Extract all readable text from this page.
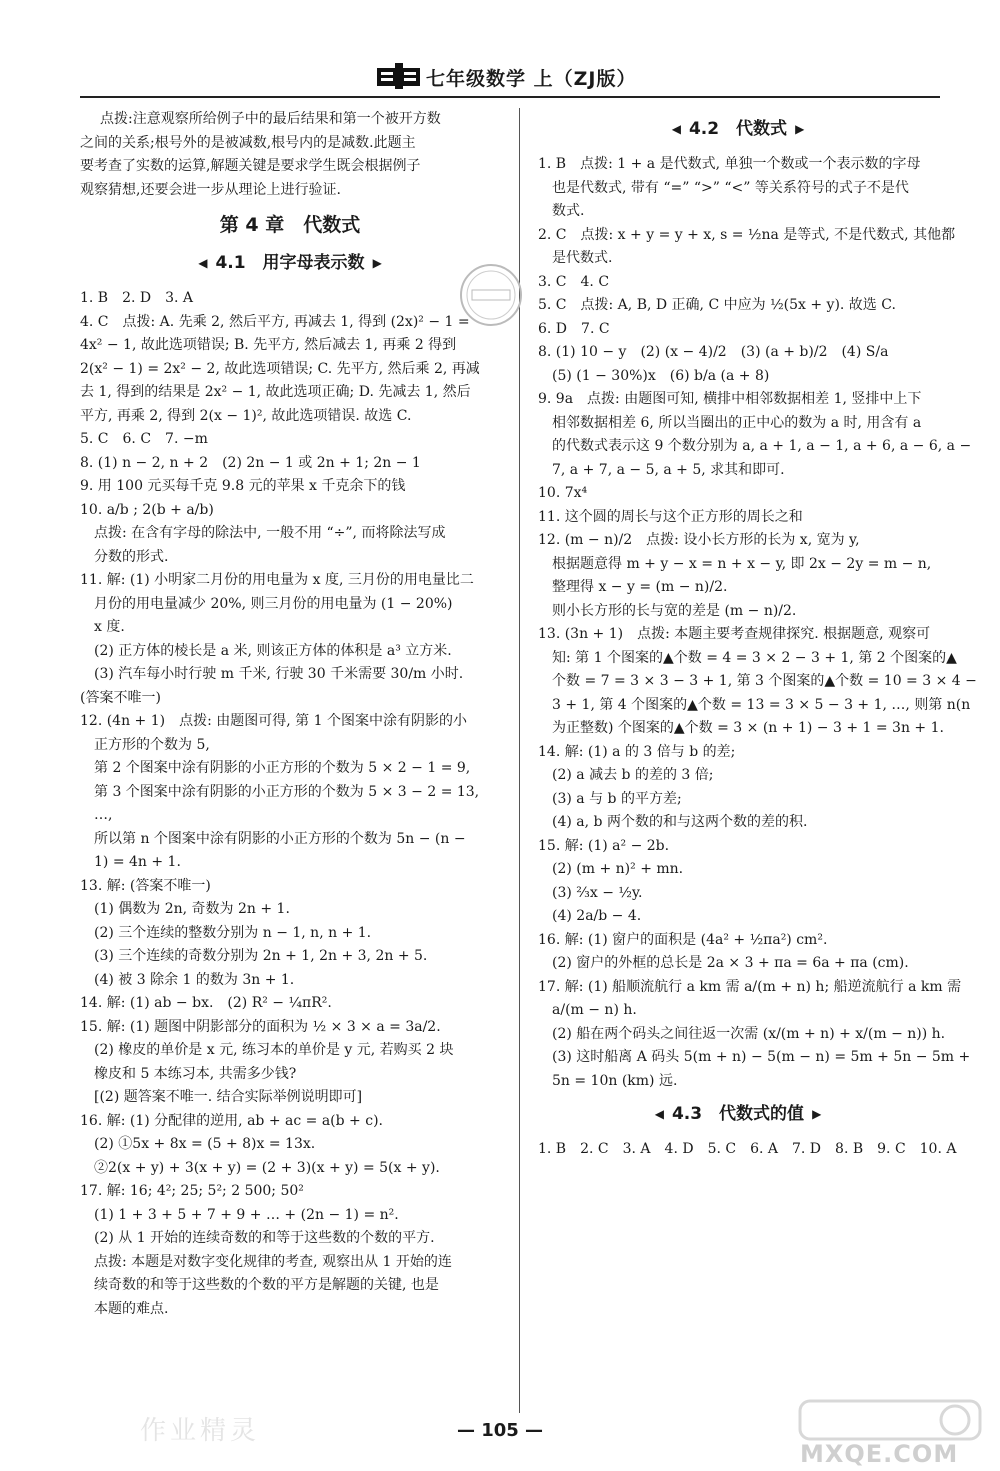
七年级数学 上（ZJ版）
点拨:注意观察所给例子中的最后结果和第一个被开方数
之间的关系;根号外的是被减数,根号内的是减数.此题主
要考查了实数的运算,解题关键是要求学生既会根据例子
观察猜想,还要会进一步从理论上进行验证.
第 4 章　代数式
◀ 4.1　用字母表示数 ▶
1. B　2. D　3. A
4. C　点拨: A. 先乘 2, 然后平方, 再减去 1, 得到 (2x)² − 1 =
4x² − 1, 故此选项错误; B. 先平方, 然后减去 1, 再乘 2 得到
2(x² − 1) = 2x² − 2, 故此选项错误; C. 先平方, 然后乘 2, 再减
去 1, 得到的结果是 2x² − 1, 故此选项正确; D. 先减去 1, 然后
平方, 再乘 2, 得到 2(x − 1)², 故此选项错误. 故选 C.
5. C　6. C　7. −m
8. (1) n − 2, n + 2　(2) 2n − 1 或 2n + 1; 2n − 1
9. 用 100 元买每千克 9.8 元的苹果 x 千克余下的钱
10. a/b ; 2(b + a/b)
　点拨: 在含有字母的除法中, 一般不用 “÷”, 而将除法写成
　分数的形式.
11. 解: (1) 小明家二月份的用电量为 x 度, 三月份的用电量比二
　月份的用电量减少 20%, 则三月份的用电量为 (1 − 20%)
　x 度.
　(2) 正方体的棱长是 a 米, 则该正方体的体积是 a³ 立方米.
　(3) 汽车每小时行驶 m 千米, 行驶 30 千米需要 30/m 小时.
(答案不唯一)
12. (4n + 1)　点拨: 由题图可得, 第 1 个图案中涂有阴影的小
　正方形的个数为 5,
　第 2 个图案中涂有阴影的小正方形的个数为 5 × 2 − 1 = 9,
　第 3 个图案中涂有阴影的小正方形的个数为 5 × 3 − 2 = 13,
　…,
　所以第 n 个图案中涂有阴影的小正方形的个数为 5n − (n −
　1) = 4n + 1.
13. 解: (答案不唯一)
　(1) 偶数为 2n, 奇数为 2n + 1.
　(2) 三个连续的整数分别为 n − 1, n, n + 1.
　(3) 三个连续的奇数分别为 2n + 1, 2n + 3, 2n + 5.
　(4) 被 3 除余 1 的数为 3n + 1.
14. 解: (1) ab − bx.　(2) R² − ¼πR².
15. 解: (1) 题图中阴影部分的面积为 ½ × 3 × a = 3a/2.
　(2) 橡皮的单价是 x 元, 练习本的单价是 y 元, 若购买 2 块
　橡皮和 5 本练习本, 共需多少钱?
　[(2) 题答案不唯一. 结合实际举例说明即可]
16. 解: (1) 分配律的逆用, ab + ac = a(b + c).
　(2) ①5x + 8x = (5 + 8)x = 13x.
　②2(x + y) + 3(x + y) = (2 + 3)(x + y) = 5(x + y).
17. 解: 16; 4²; 25; 5²; 2 500; 50²
　(1) 1 + 3 + 5 + 7 + 9 + … + (2n − 1) = n².
　(2) 从 1 开始的连续奇数的和等于这些数的个数的平方.
　点拨: 本题是对数字变化规律的考查, 观察出从 1 开始的连
　续奇数的和等于这些数的个数的平方是解题的关键, 也是
　本题的难点.
◀ 4.2　代数式 ▶
1. B　点拨: 1 + a 是代数式, 单独一个数或一个表示数的字母
　也是代数式, 带有 “=” “>” “<” 等关系符号的式子不是代
　数式.
2. C　点拨: x + y = y + x, s = ½na 是等式, 不是代数式, 其他都
　是代数式.
3. C　4. C
5. C　点拨: A, B, D 正确, C 中应为 ½(5x + y). 故选 C.
6. D　7. C
8. (1) 10 − y　(2) (x − 4)/2　(3) (a + b)/2　(4) S/a
　(5) (1 − 30%)x　(6) b/a (a + 8)
9. 9a　点拨: 由题图可知, 横排中相邻数据相差 1, 竖排中上下
　相邻数据相差 6, 所以当圈出的正中心的数为 a 时, 用含有 a
　的代数式表示这 9 个数分别为 a, a + 1, a − 1, a + 6, a − 6, a −
　7, a + 7, a − 5, a + 5, 求其和即可.
10. 7x⁴
11. 这个圆的周长与这个正方形的周长之和
12. (m − n)/2　点拨: 设小长方形的长为 x, 宽为 y,
　根据题意得 m + y − x = n + x − y, 即 2x − 2y = m − n,
　整理得 x − y = (m − n)/2.
　则小长方形的长与宽的差是 (m − n)/2.
13. (3n + 1)　点拨: 本题主要考查规律探究. 根据题意, 观察可
　知: 第 1 个图案的▲个数 = 4 = 3 × 2 − 3 + 1, 第 2 个图案的▲
　个数 = 7 = 3 × 3 − 3 + 1, 第 3 个图案的▲个数 = 10 = 3 × 4 −
　3 + 1, 第 4 个图案的▲个数 = 13 = 3 × 5 − 3 + 1, …, 则第 n(n
　为正整数) 个图案的▲个数 = 3 × (n + 1) − 3 + 1 = 3n + 1.
14. 解: (1) a 的 3 倍与 b 的差;
　(2) a 减去 b 的差的 3 倍;
　(3) a 与 b 的平方差;
　(4) a, b 两个数的和与这两个数的差的积.
15. 解: (1) a² − 2b.
　(2) (m + n)² + mn.
　(3) ⅔x − ½y.
　(4) 2a/b − 4.
16. 解: (1) 窗户的面积是 (4a² + ½πa²) cm².
　(2) 窗户的外框的总长是 2a × 3 + πa = 6a + πa (cm).
17. 解: (1) 船顺流航行 a km 需 a/(m + n) h; 船逆流航行 a km 需
　a/(m − n) h.
　(2) 船在两个码头之间往返一次需 (x/(m + n) + x/(m − n)) h.
　(3) 这时船离 A 码头 5(m + n) − 5(m − n) = 5m + 5n − 5m +
　5n = 10n (km) 远.
◀ 4.3　代数式的值 ▶
1. B　2. C　3. A　4. D　5. C　6. A　7. D　8. B　9. C　10. A
— 105 —
作业精灵
MXQE.COM
